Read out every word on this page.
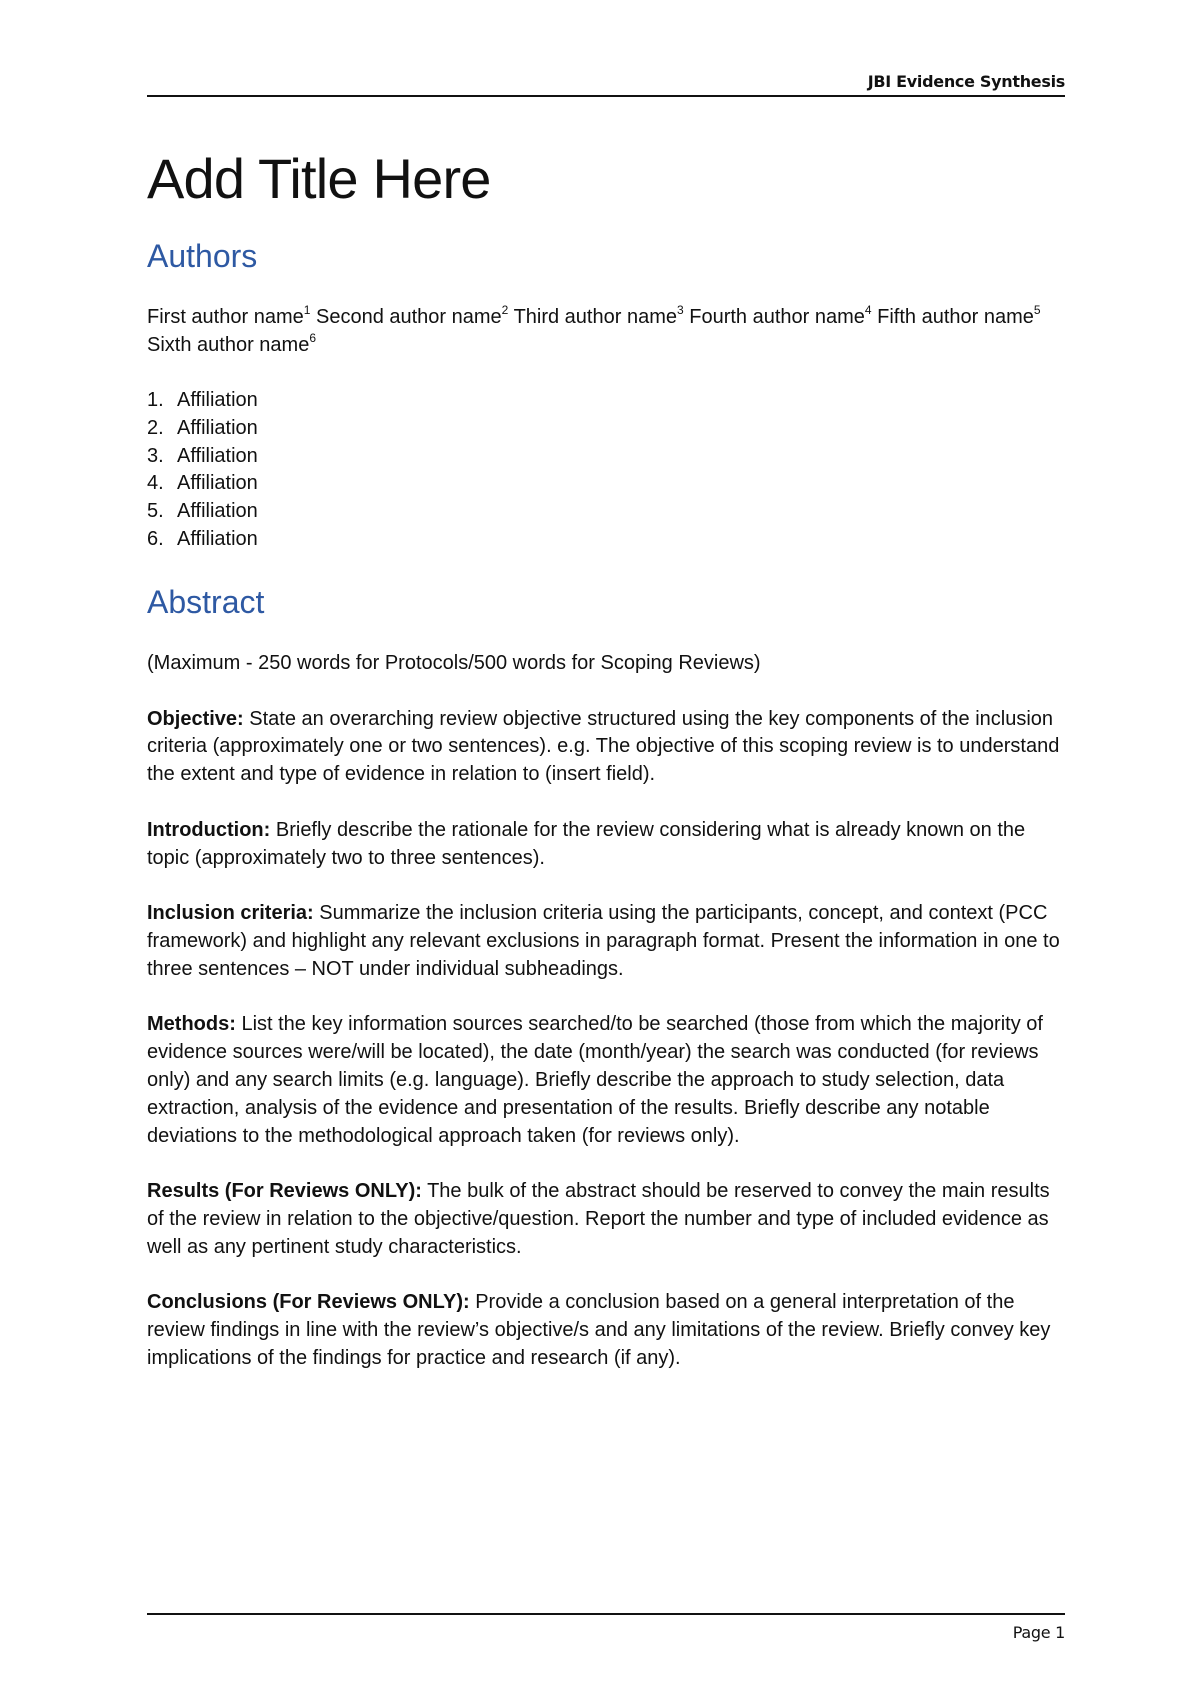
JBI Evidence Synthesis
Add Title Here
Authors

First author name$^1$ Second author name$^2$ Third author name$^3$ Fourth author name$^4$ Fifth author name$^5$ Sixth author name$^6$

1. Affiliation
2. Affiliation
3. Affiliation
4. Affiliation
5. Affiliation
6. Affiliation
Abstract

(Maximum - 250 words for Protocols/500 words for Scoping Reviews)

Objective: State an overarching review objective structured using the key components of the inclusion criteria (approximately one or two sentences). e.g. The objective of this scoping review is to understand the extent and type of evidence in relation to (insert field).

Introduction: Briefly describe the rationale for the review considering what is already known on the topic (approximately two to three sentences).

Inclusion criteria: Summarize the inclusion criteria using the participants, concept, and context (PCC framework) and highlight any relevant exclusions in paragraph format. Present the information in one to three sentences – NOT under individual subheadings.

Methods: List the key information sources searched/to be searched (those from which the majority of evidence sources were/will be located), the date (month/year) the search was conducted (for reviews only) and any search limits (e.g. language). Briefly describe the approach to study selection, data extraction, analysis of the evidence and presentation of the results. Briefly describe any notable deviations to the methodological approach taken (for reviews only).

Results (For Reviews ONLY): The bulk of the abstract should be reserved to convey the main results of the review in relation to the objective/question. Report the number and type of included evidence as well as any pertinent study characteristics.

Conclusions (For Reviews ONLY): Provide a conclusion based on a general interpretation of the review findings in line with the review’s objective/s and any limitations of the review. Briefly convey key implications of the findings for practice and research (if any).

Page 1
